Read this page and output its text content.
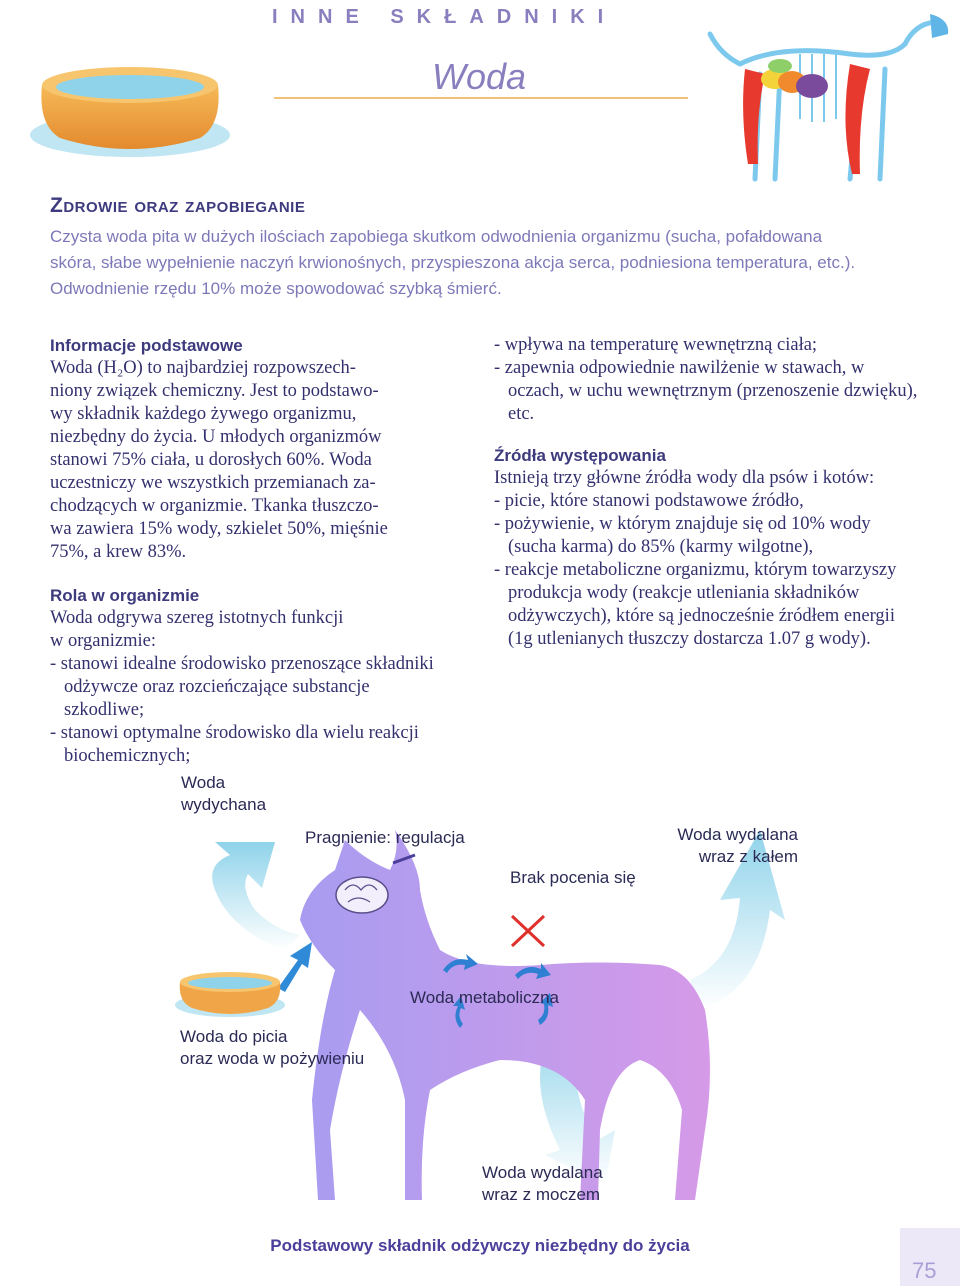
INNE SKŁADNIKI
Woda
Zdrowie oraz zapobieganie
Czysta woda pita w dużych ilościach zapobiega skutkom odwodnienia organizmu (sucha, pofałdowana
skóra, słabe wypełnienie naczyń krwionośnych, przyspieszona akcja serca, podniesiona temperatura, etc.).
Odwodnienie rzędu 10% może spowodować szybką śmierć.

Informacje podstawowe

Woda (H₂O) to najbardziej rozpowszech-
niony związek chemiczny. Jest to podstawo-
wy składnik każdego żywego organizmu,
niezbędny do życia. U młodych organizmów
stanowi 75% ciała, u dorosłych 60%. Woda
uczestniczy we wszystkich przemianach za-
chodzących w organizmie. Tkanka tłuszczo-
wa zawiera 15% wody, szkielet 50%, mięśnie
75%, a krew 83%.

Rola w organizmie

Woda odgrywa szereg istotnych funkcji
w organizmie:

- stanowi idealne środowisko przenoszące składniki odżywcze oraz rozcieńczające substancje szkodliwe;

- stanowi optymalne środowisko dla wielu reakcji biochemicznych;

- wpływa na temperaturę wewnętrzną ciała;

- zapewnia odpowiednie nawilżenie w stawach, w oczach, w uchu wewnętrznym (przenoszenie dzwięku), etc.

Źródła występowania

Istnieją trzy główne źródła wody dla psów i kotów:

- picie, które stanowi podstawowe źródło,

- pożywienie, w którym znajduje się od 10% wody (sucha karma) do 85% (karmy wilgotne),

- reakcje metaboliczne organizmu, którym towarzyszy produkcja wody (reakcje utleniania składników odżywczych), które są jednocześnie źródłem energii (1g utlenianych tłuszczy dostarcza 1.07 g wody).

Woda
wydychana
Pragnienie: regulacja
Brak pocenia się
Woda wydalana
wraz z kałem
Woda metaboliczna
Woda do picia
oraz woda w pożywieniu
Woda wydalana
wraz z moczem
Podstawowy składnik odżywczy niezbędny do życia
75
